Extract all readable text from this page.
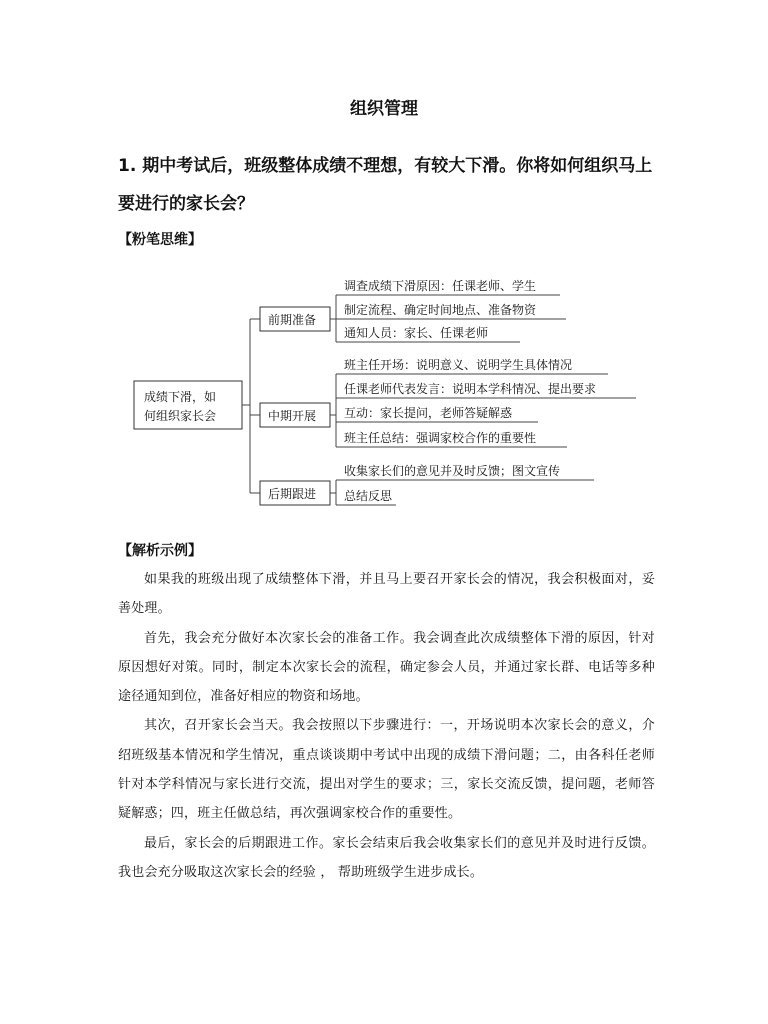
组织管理
1. 期中考试后，班级整体成绩不理想，有较大下滑。你将如何组织马上要进行的家长会？
【粉笔思维】
成绩下滑，如
何组织家长会
前期准备
调查成绩下滑原因：任课老师、学生
制定流程、确定时间地点、准备物资
通知人员：家长、任课老师
中期开展
班主任开场：说明意义、说明学生具体情况
任课老师代表发言：说明本学科情况、提出要求
互动：家长提问，老师答疑解惑
班主任总结：强调家校合作的重要性
后期跟进
收集家长们的意见并及时反馈；图文宣传
总结反思
【解析示例】

如果我的班级出现了成绩整体下滑，并且马上要召开家长会的情况，我会积极面对，妥善处理。

首先，我会充分做好本次家长会的准备工作。我会调查此次成绩整体下滑的原因，针对原因想好对策。同时，制定本次家长会的流程，确定参会人员，并通过家长群、电话等多种途径通知到位，准备好相应的物资和场地。

其次，召开家长会当天。我会按照以下步骤进行：一，开场说明本次家长会的意义，介绍班级基本情况和学生情况，重点谈谈期中考试中出现的成绩下滑问题；二，由各科任老师针对本学科情况与家长进行交流，提出对学生的要求；三，家长交流反馈，提问题，老师答疑解惑；四，班主任做总结，再次强调家校合作的重要性。

最后，家长会的后期跟进工作。家长会结束后我会收集家长们的意见并及时进行反馈。我也会充分吸取这次家长会的经验 ， 帮助班级学生进步成长。
